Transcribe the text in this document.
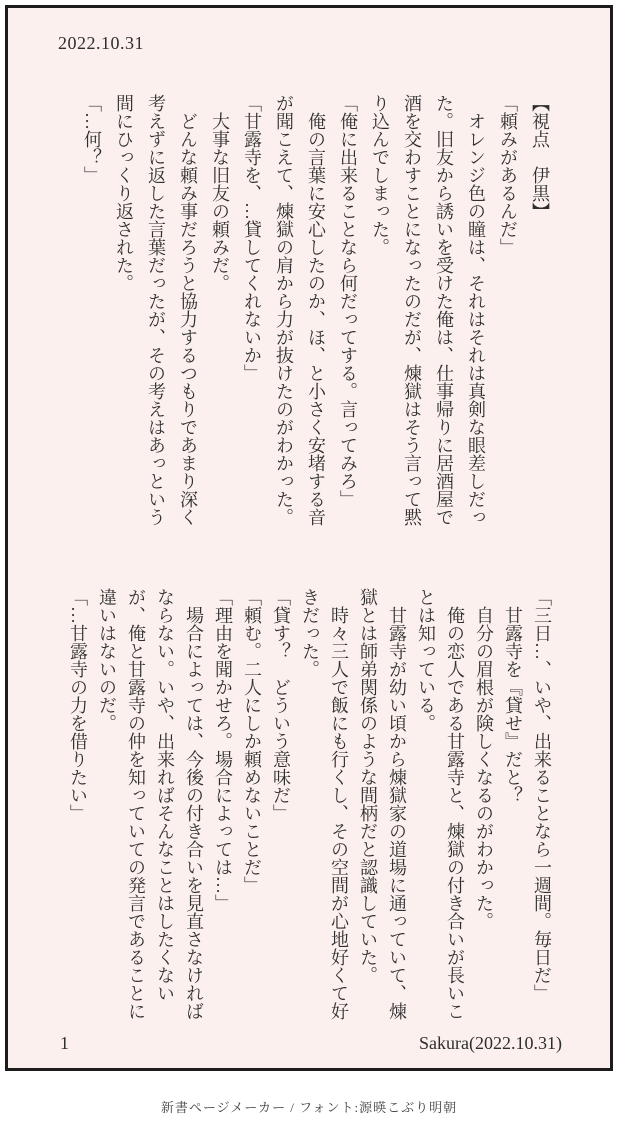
2022.10.31

【視点　伊黒】

「頼みがあるんだ」

オレンジ色の瞳は、それはそれは真剣な眼差しだった。旧友から誘いを受けた俺は、仕事帰りに居酒屋で酒を交わすことになったのだが、煉獄はそう言って黙り込んでしまった。

「俺に出来ることなら何だってする。言ってみろ」

俺の言葉に安心したのか、ほ、と小さく安堵する音が聞こえて、煉獄の肩から力が抜けたのがわかった。

「甘露寺を、…貸してくれないか」

大事な旧友の頼みだ。

どんな頼み事だろうと協力するつもりであまり深く考えずに返した言葉だったが、その考えはあっという間にひっくり返された。

「…何？」

「三日…、いや、出来ることなら一週間。毎日だ」

甘露寺を『貸せ』だと？

自分の眉根が険しくなるのがわかった。

俺の恋人である甘露寺と、煉獄の付き合いが長いことは知っている。

甘露寺が幼い頃から煉獄家の道場に通っていて、煉獄とは師弟関係のような間柄だと認識していた。

時々三人で飯にも行くし、その空間が心地好くて好きだった。

「貸す？　どういう意味だ」

「頼む。二人にしか頼めないことだ」

「理由を聞かせろ。場合によっては…」

場合によっては、今後の付き合いを見直さなければならない。いや、出来ればそんなことはしたくないが、俺と甘露寺の仲を知っていての発言であることに違いはないのだ。

「…甘露寺の力を借りたい」

1	Sakura(2022.10.31)
新書ページメーカー / フォント:源暎こぶり明朝
